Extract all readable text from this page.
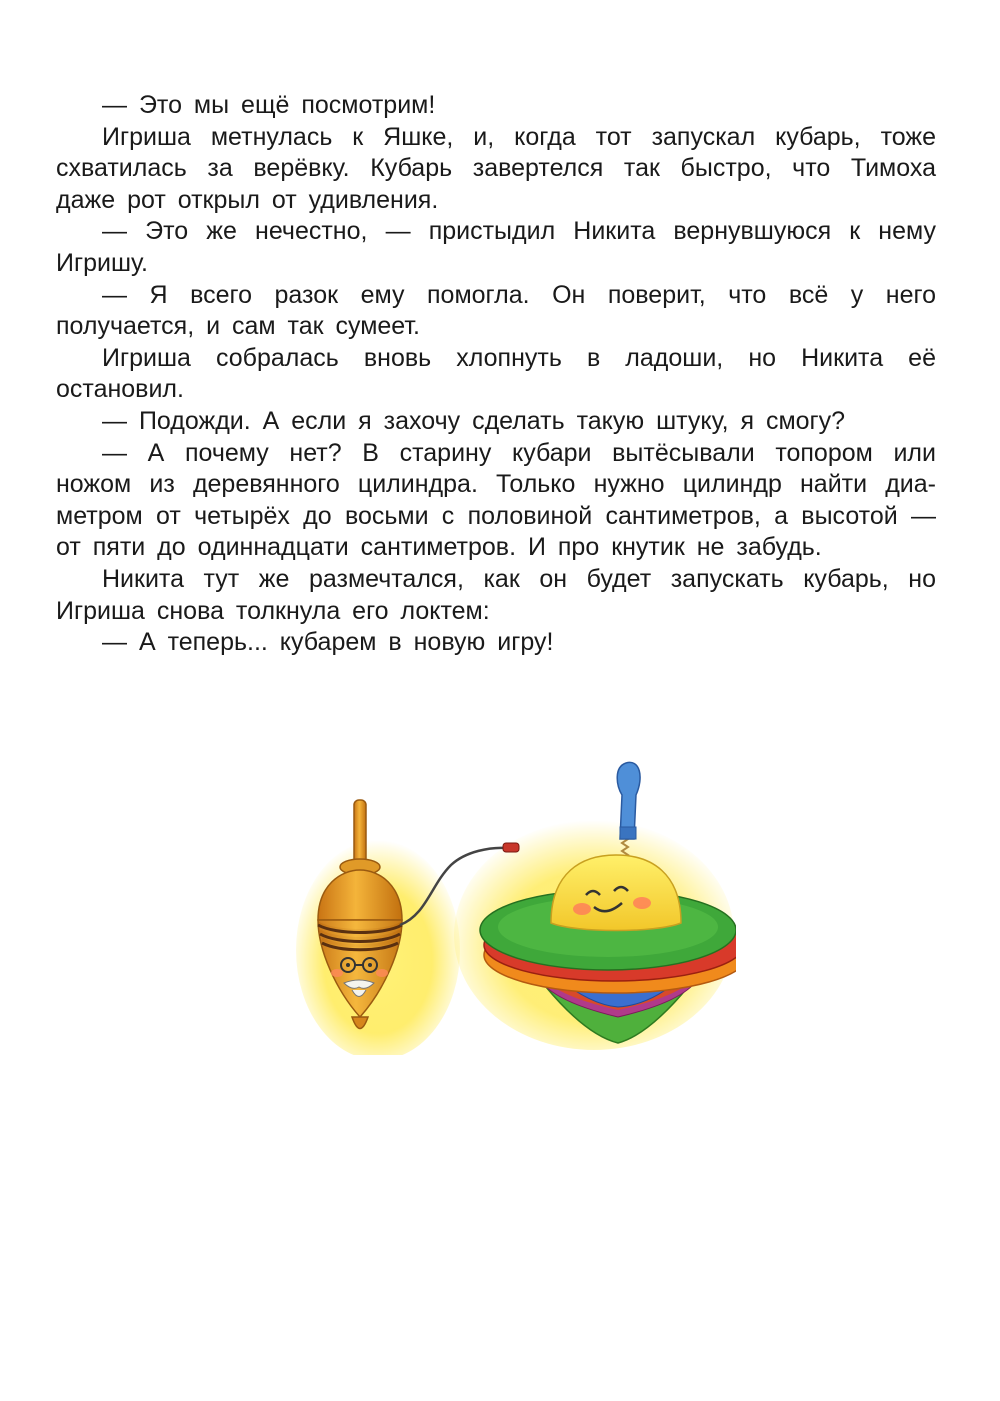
— Это мы ещё посмотрим!

Игриша метнулась к Яшке, и, когда тот запускал кубарь, тоже схватилась за верёвку. Кубарь завертелся так быстро, что Тимоха даже рот открыл от удивления.

— Это же нечестно, — пристыдил Никита вернувшуюся к нему Игришу.

— Я всего разок ему помогла. Он поверит, что всё у него получается, и сам так сумеет.

Игриша собралась вновь хлопнуть в ладоши, но Никита её остановил.

— Подожди. А если я захочу сделать такую штуку, я смогу?

— А почему нет? В старину кубари вытёсывали топором или ножом из деревянного цилиндра. Только нужно цилиндр найти диаметром от четырёх до восьми с половиной сантиметров, а высотой — от пяти до одиннадцати сантиметров. И про кнутик не забудь.

Никита тут же размечтался, как он будет запускать кубарь, но Игриша снова толкнула его локтем:

— А теперь... кубарем в новую игру!
